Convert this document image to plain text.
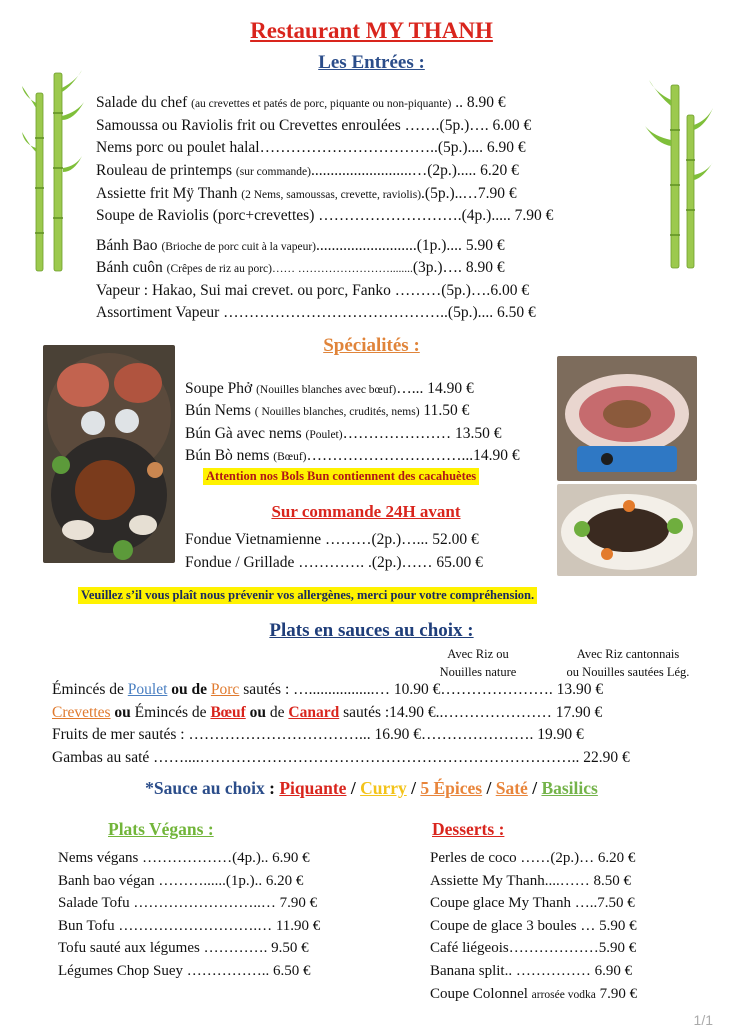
Restaurant MY THANH
Les Entrées :
Salade du chef (au crevettes et patés de porc, piquante ou non-piquante) .. 8.90 €
Samoussa ou Raviolis frit ou Crevettes enroulées …….(5p.)…. 6.00 €
Nems porc ou poulet halal……………………………..(5p.).... 6.90 €
Rouleau de printemps (sur commande)..........................…(2p.)..... 6.20 €
Assiette frit Mÿ Thanh (2 Nems, samoussas, crevette, raviolis).(5p.)..…7.90 €
Soupe de Raviolis (porc+crevettes) ……………………….(4p.)..... 7.90 €
Bánh Bao (Brioche de porc cuit à la vapeur)..........................(1p.).... 5.90 €
Bánh cuôn (Crêpes de riz au porc)…… ……………………........(3p.)…. 8.90 €
Vapeur : Hakao, Sui mai crevet. ou porc, Fanko ………(5p.)….6.00 €
Assortiment Vapeur ……………………………………..(5p.).... 6.50 €
Spécialités :
Soupe Phở (Nouilles blanches avec bœuf)…... 14.90 €
Bún Nems ( Nouilles blanches, crudités, nems) 11.50 €
Bún Gà avec nems (Poulet)………………… 13.50 €
Bún Bò nems (Bœuf)…………………………...14.90 €
Attention nos Bols Bun contiennent des cacahuètes
Sur commande 24H avant
Fondue Vietnamienne ………(2p.)…... 52.00 €
Fondue / Grillade …………. .(2p.)…… 65.00 €
Veuillez s’il vous plaît nous prévenir vos allergènes, merci pour votre compréhension.
Plats en sauces au choix :
Avec Riz ou
Nouilles nature
Avec Riz cantonnais
ou Nouilles sautées Lég.
Émincés de Poulet ou de Porc sautés : ….................… 10.90 €…………………. 13.90 €
Crevettes ou Émincés de Bœuf ou de Canard sautés :14.90 €..………………… 17.90 €
Fruits de mer sautés : ……………………………... 16.90 €…………………. 19.90 €
Gambas au saté ……....……………………………………………………………….. 22.90 €
*Sauce au choix : Piquante / Curry / 5 Épices / Saté / Basilics
Plats Végans :
Nems végans ………………(4p.).. 6.90 €
Banh bao végan ………......(1p.).. 6.20 €
Salade Tofu ……………………..… 7.90 €
Bun Tofu ……………………….… 11.90 €
Tofu sauté aux légumes …………. 9.50 €
Légumes Chop Suey …………….. 6.50 €
Desserts :
Perles de coco ……(2p.)… 6.20 €
Assiette My Thanh....…… 8.50 €
Coupe glace My Thanh …..7.50 €
Coupe de glace 3 boules … 5.90 €
Café liégeois………………5.90 €
Banana split.. …………… 6.90 €
Coupe Colonnel arrosée vodka 7.90 €
1/1
